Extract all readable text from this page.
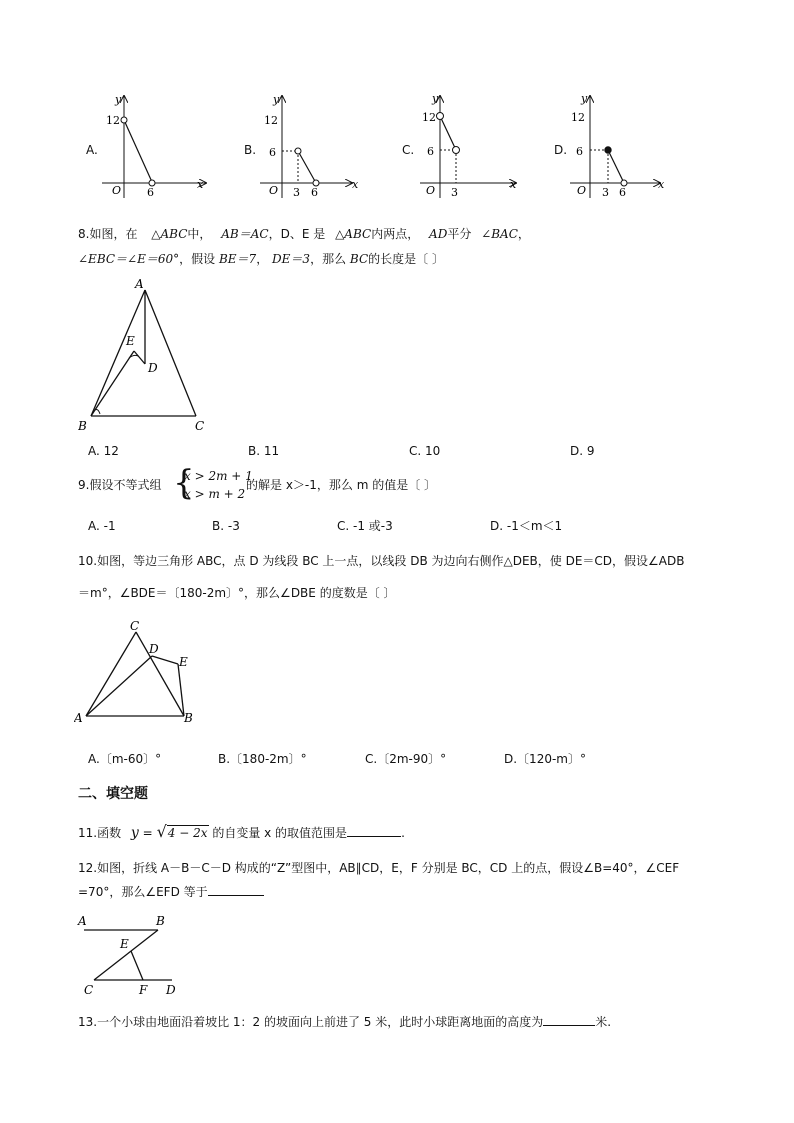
A.
y
x
O
12
6
B.
y
x
O
12
6
3 6
C.
y
x
O
12
6
3
D.
y
x
O
12
6
3 6
8.如图，在 △ABC中， AB＝AC，D、E 是 △ABC内两点， AD平分 ∠BAC，
∠EBC＝∠E＝60°，假设 BE＝7， DE＝3，那么 BC的长度是〔 〕
A
B	C
D
E
A. 12	B. 11	C. 10	D. 9
9.假设不等式组 {
x > 2m + 1
x > m + 2
的解是 x＞-1，那么 m 的值是〔 〕
A. -1	B. -3	C. -1 或-3	D. -1＜m＜1
10.如图，等边三角形 ABC，点 D 为线段 BC 上一点，以线段 DB 为边向右侧作△DEB，使 DE＝CD，假设∠ADB
＝m°，∠BDE＝〔180-2m〕°，那么∠DBE 的度数是〔 〕
C
A	B
D
E
A.〔m-60〕°	B.〔180-2m〕°	C.〔2m-90〕°	D.〔120-m〕°
二、填空题
11.函数 y = √4 − 2x 的自变量 x 的取值范围是	.
12.如图，折线 A－B－C－D 构成的“Z”型图中，AB∥CD，E，F 分别是 BC，CD 上的点，假设∠B=40°，∠CEF
=70°，那么∠EFD 等于
A	B
C	D
E
F
13.一个小球由地面沿着坡比 1：2 的坡面向上前进了 5 米，此时小球距离地面的高度为	米.
